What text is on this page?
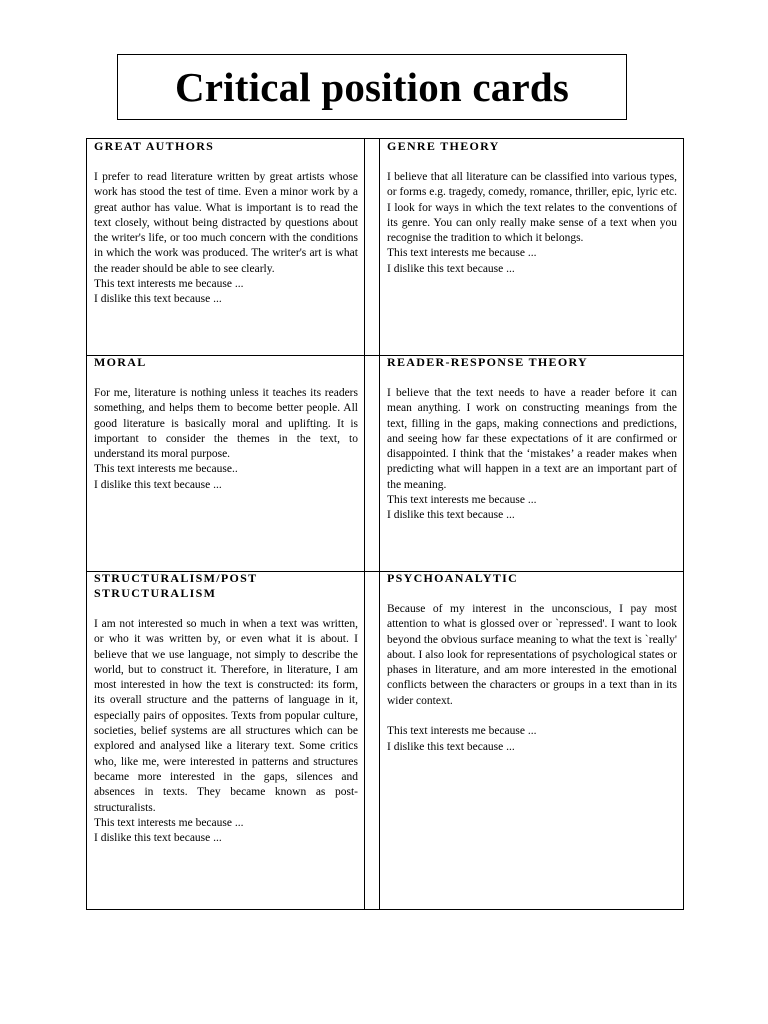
Critical position cards

GREAT AUTHORS

I prefer to read literature written by great artists whose work has stood the test of time. Even a minor work by a great author has value. What is important is to read the text closely, without being distracted by questions about the writer's life, or too much concern with the conditions in which the work was produced. The writer's art is what the reader should be able to see clearly.

This text interests me because ...

I dislike this text because ...

GENRE THEORY

I believe that all literature can be classified into various types, or forms e.g. tragedy, comedy, romance, thriller, epic, lyric etc. I look for ways in which the text relates to the conventions of its genre. You can only really make sense of a text when you recognise the tradition to which it belongs.

This text interests me because ...

I dislike this text because ...

MORAL

For me, literature is nothing unless it teaches its readers something, and helps them to become better people. All good literature is basically moral and uplifting. It is important to consider the themes in the text, to understand its moral purpose.

This text interests me because..

I dislike this text because ...

READER-RESPONSE THEORY

I believe that the text needs to have a reader before it can mean anything. I work on constructing meanings from the text, filling in the gaps, making connections and predictions, and seeing how far these expectations of it are confirmed or disappointed. I think that the ‘mistakes’ a reader makes when predicting what will happen in a text are an important part of the meaning.

This text interests me because ...

I dislike this text because ...

STRUCTURALISM/POST STRUCTURALISM

I am not interested so much in when a text was written, or who it was written by, or even what it is about. I believe that we use language, not simply to describe the world, but to construct it. Therefore, in literature, I am most interested in how the text is constructed: its form, its overall structure and the patterns of language in it, especially pairs of opposites. Texts from popular culture, societies, belief systems are all structures which can be explored and analysed like a literary text. Some critics who, like me, were interested in patterns and structures became more interested in the gaps, silences and absences in texts. They became known as post-structuralists.

This text interests me because ...

I dislike this text because ...

PSYCHOANALYTIC

Because of my interest in the unconscious, I pay most attention to what is glossed over or `repressed'. I want to look beyond the obvious surface meaning to what the text is `really' about. I also look for representations of psychological states or phases in literature, and am more interested in the emotional conflicts between the characters or groups in a text than in its wider context.

This text interests me because ...

I dislike this text because ...
